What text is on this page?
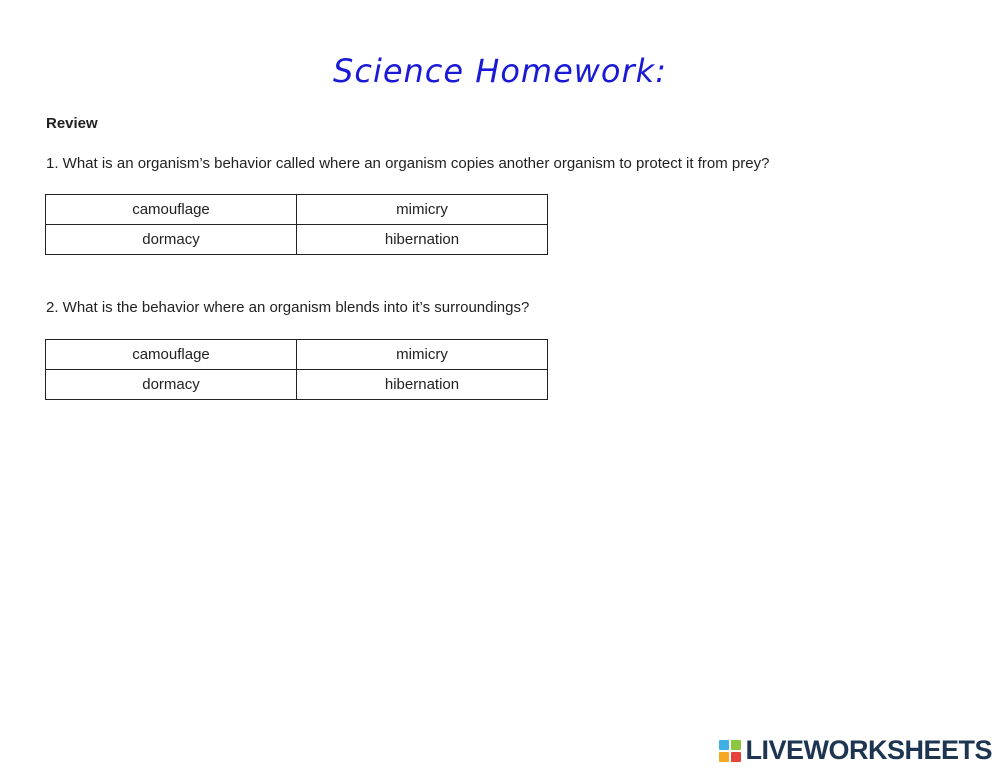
Science Homework:
Review
1. What is an organism’s behavior called where an organism copies another organism to protect it from prey?
camouflage	mimicry
dormacy	hibernation
2. What is the behavior where an organism blends into it’s surroundings?
camouflage	mimicry
dormacy	hibernation
LIVEWORKSHEETS
